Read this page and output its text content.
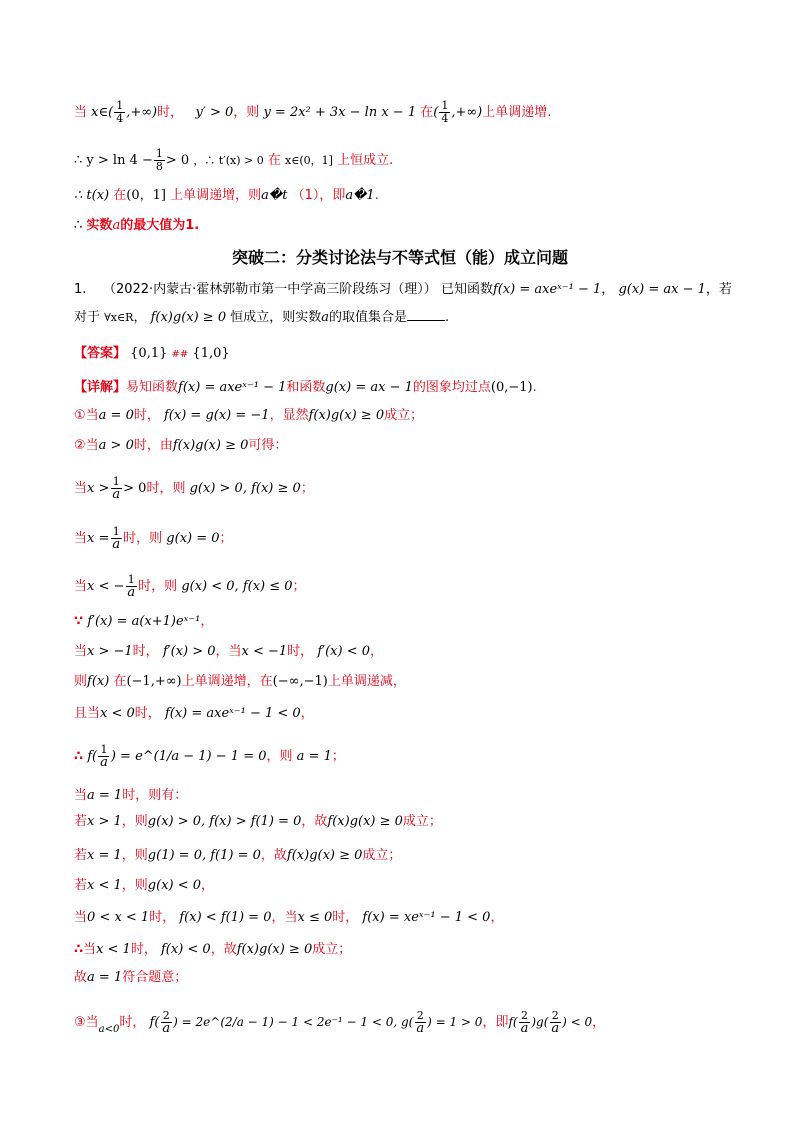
当 x∈( $\frac{1}{4}$ ,+∞)时， y′ > 0，则 y = 2x² + 3x − ln x − 1 在( $\frac{1}{4}$ ,+∞)上单调递增.
∴ $y > \ln 4 - \frac{1}{8} > 0$ ，∴ t′(x) > 0 在 x∈(0，1] 上恒成立.
∴ t(x) 在(0，1] 上单调递增，则a�t （1），即a�1.
∴ 实数a的最大值为1.
突破二：分类讨论法与不等式恒（能）成立问题
1. （2022·内蒙古·霍林郭勒市第一中学高三阶段练习（理）） 已知函数f(x) = axeˣ⁻¹ − 1， g(x) = ax − 1，若
对于 ∀x∈R， f(x)g(x) ≥ 0 恒成立，则实数a的取值集合是	.
【答案】 {0,1} ## {1,0}
【详解】易知函数f(x) = axeˣ⁻¹ − 1和函数g(x) = ax − 1的图象均过点(0,−1).
①当a = 0时， f(x) = g(x) = −1，显然f(x)g(x) ≥ 0成立；
②当a > 0时，由f(x)g(x) ≥ 0可得：
当$x > \frac{1}{a} > 0$时，则 g(x) > 0, f(x) ≥ 0；
当$x = \frac{1}{a}$ 时，则 g(x) = 0；
当x < − $\frac{1}{a}$ 时，则 g(x) < 0, f(x) ≤ 0；
∵ f′(x) = a(x+1)eˣ⁻¹，
当x > −1时， f′(x) > 0，当x < −1时， f′(x) < 0，
则f(x) 在(−1,+∞)上单调递增，在(−∞,−1)上单调递减，
且当x < 0时， f(x) = axeˣ⁻¹ − 1 < 0，
∴ $f( \frac{1}{a}$ ) = e^(1/a − 1) − 1 = 0，则 a = 1；
当a = 1时，则有：
若x > 1，则g(x) > 0, f(x) > f(1) = 0，故f(x)g(x) ≥ 0成立；
若x = 1，则g(1) = 0, f(1) = 0，故f(x)g(x) ≥ 0成立；
若x < 1，则g(x) < 0，
当0 < x < 1时， f(x) < f(1) = 0，当x ≤ 0时， f(x) = xeˣ⁻¹ − 1 < 0，
∴当x < 1时， f(x) < 0，故f(x)g(x) ≥ 0成立；
故a = 1符合题意；
③当$_{a<0}$时， $f( \frac{2}{a}$ ) = 2e^(2/a − 1) − 1 < 2e⁻¹ − 1 < 0, $g( \frac{2}{a}$ ) = 1 > 0，即$f( \frac{2}{a} )g( \frac{2}{a}$ ) < 0，
